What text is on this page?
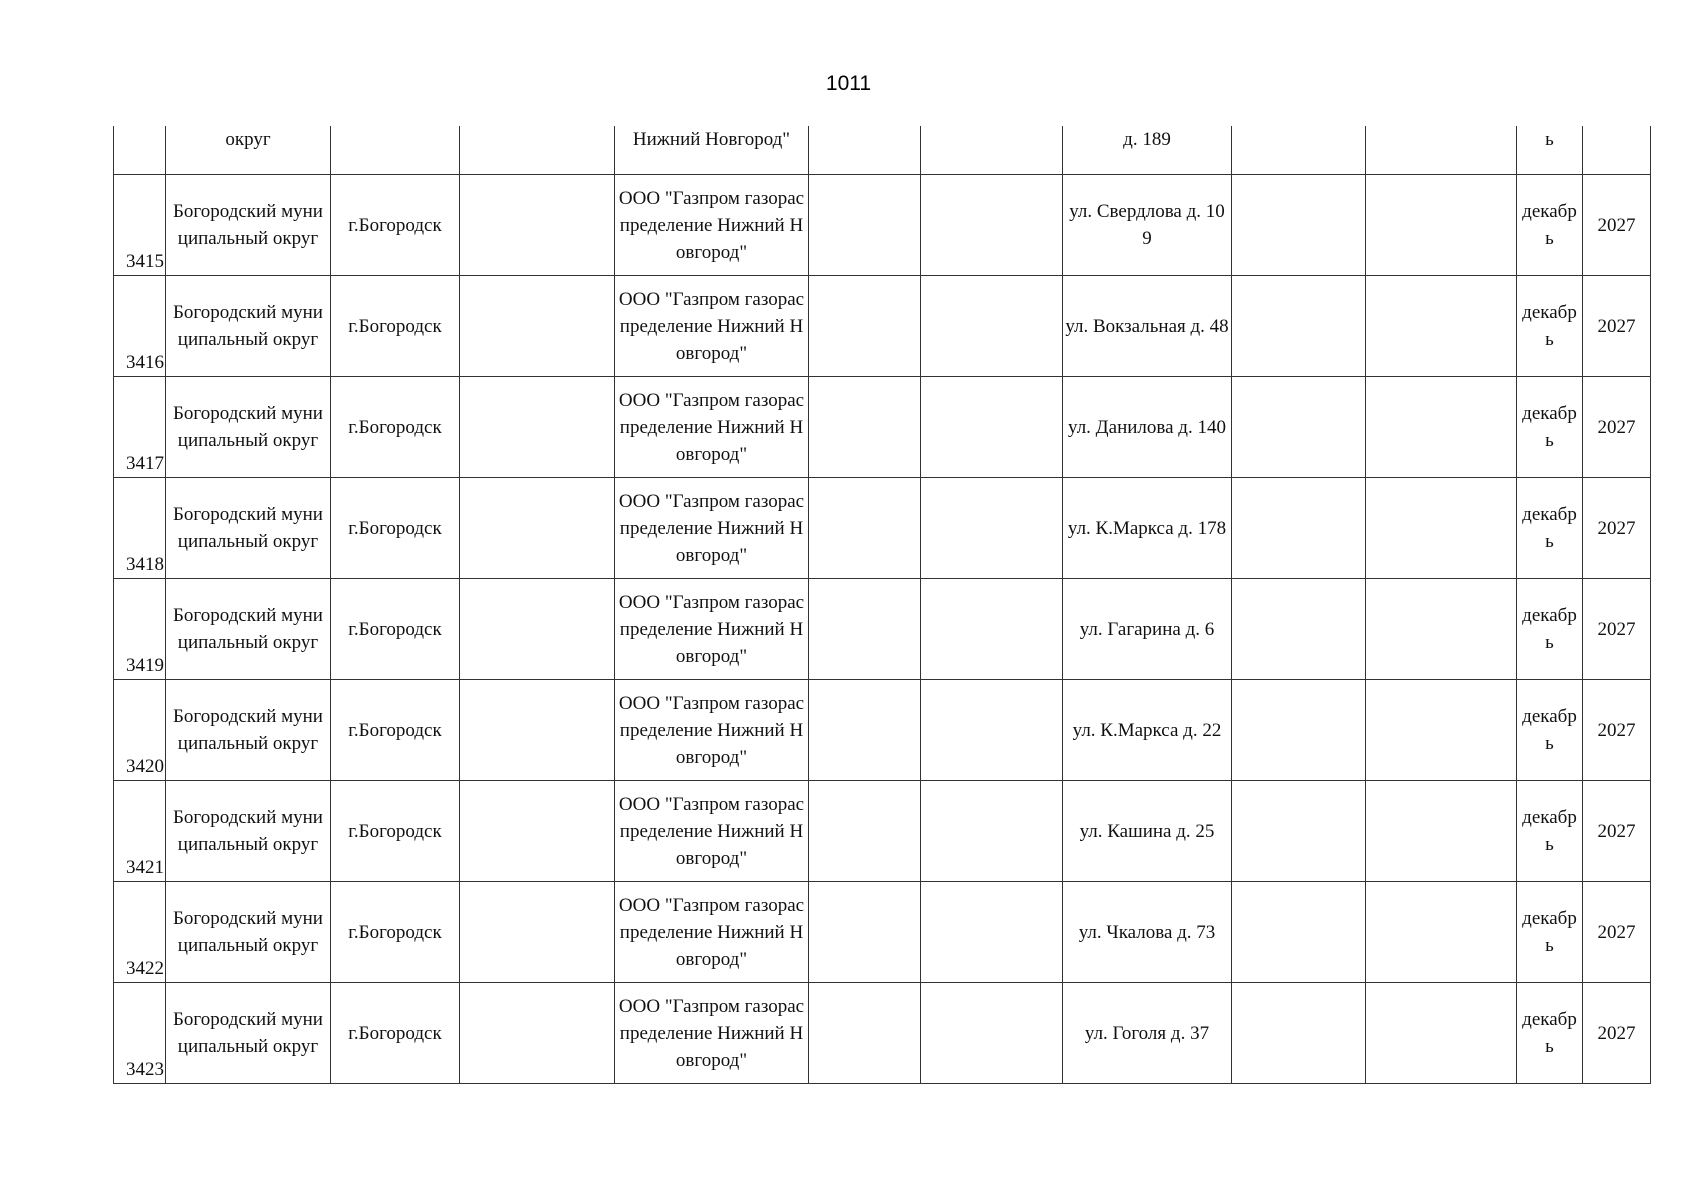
1011
	округ			Нижний Новгород"			д. 189			ь	
3415	Богородский муниципальный округ	г.Богородск		ООО "Газпром газораспределение Нижний Новгород"			ул. Свердлова д. 109			декабрь	2027
3416	Богородский муниципальный округ	г.Богородск		ООО "Газпром газораспределение Нижний Новгород"			ул. Вокзальная д. 48			декабрь	2027
3417	Богородский муниципальный округ	г.Богородск		ООО "Газпром газораспределение Нижний Новгород"			ул. Данилова д. 140			декабрь	2027
3418	Богородский муниципальный округ	г.Богородск		ООО "Газпром газораспределение Нижний Новгород"			ул. К.Маркса д. 178			декабрь	2027
3419	Богородский муниципальный округ	г.Богородск		ООО "Газпром газораспределение Нижний Новгород"			ул. Гагарина д. 6			декабрь	2027
3420	Богородский муниципальный округ	г.Богородск		ООО "Газпром газораспределение Нижний Новгород"			ул. К.Маркса д. 22			декабрь	2027
3421	Богородский муниципальный округ	г.Богородск		ООО "Газпром газораспределение Нижний Новгород"			ул. Кашина д. 25			декабрь	2027
3422	Богородский муниципальный округ	г.Богородск		ООО "Газпром газораспределение Нижний Новгород"			ул. Чкалова д. 73			декабрь	2027
3423	Богородский муниципальный округ	г.Богородск		ООО "Газпром газораспределение Нижний Новгород"			ул. Гоголя д. 37			декабрь	2027
